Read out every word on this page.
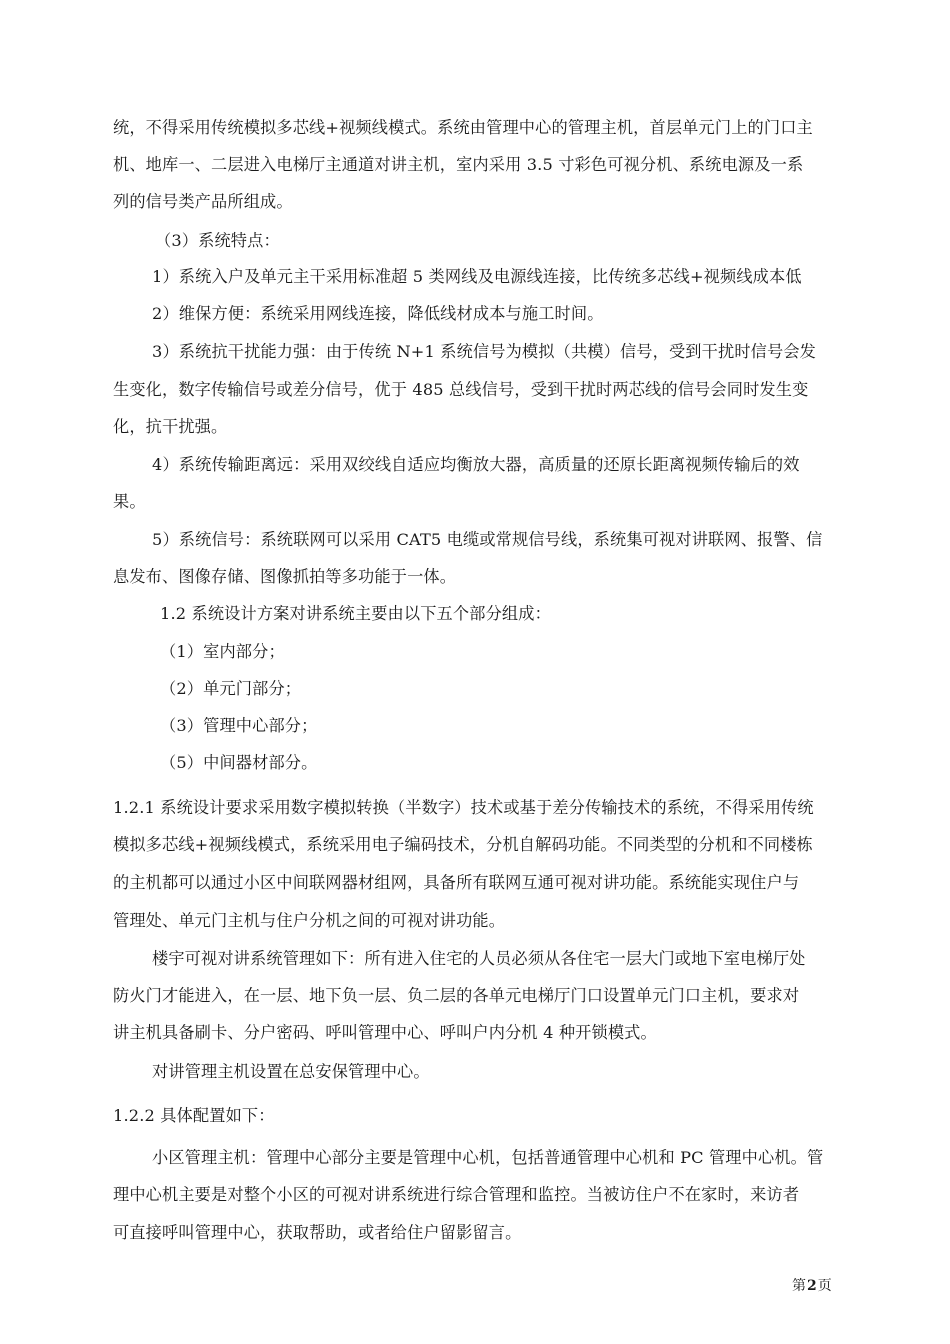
统，不得采用传统模拟多芯线+视频线模式。系统由管理中心的管理主机，首层单元门上的门口主
机、地库一、二层进入电梯厅主通道对讲主机，室内采用 3.5 寸彩色可视分机、系统电源及一系
列的信号类产品所组成。
（3）系统特点：
1）系统入户及单元主干采用标准超 5 类网线及电源线连接，比传统多芯线+视频线成本低
2）维保方便：系统采用网线连接，降低线材成本与施工时间。
3）系统抗干扰能力强：由于传统 N+1 系统信号为模拟（共模）信号，受到干扰时信号会发
生变化，数字传输信号或差分信号，优于 485 总线信号，受到干扰时两芯线的信号会同时发生变
化，抗干扰强。
4）系统传输距离远：采用双绞线自适应均衡放大器，高质量的还原长距离视频传输后的效
果。
5）系统信号：系统联网可以采用 CAT5 电缆或常规信号线，系统集可视对讲联网、报警、信
息发布、图像存储、图像抓拍等多功能于一体。
1.2 系统设计方案对讲系统主要由以下五个部分组成：
（1）室内部分；
（2）单元门部分；
（3）管理中心部分；
（5）中间器材部分。
1.2.1 系统设计要求采用数字模拟转换（半数字）技术或基于差分传输技术的系统，不得采用传统
模拟多芯线+视频线模式，系统采用电子编码技术，分机自解码功能。不同类型的分机和不同楼栋
的主机都可以通过小区中间联网器材组网，具备所有联网互通可视对讲功能。系统能实现住户与
管理处、单元门主机与住户分机之间的可视对讲功能。
楼宇可视对讲系统管理如下：所有进入住宅的人员必须从各住宅一层大门或地下室电梯厅处
防火门才能进入，在一层、地下负一层、负二层的各单元电梯厅门口设置单元门口主机，要求对
讲主机具备刷卡、分户密码、呼叫管理中心、呼叫户内分机 4 种开锁模式。
对讲管理主机设置在总安保管理中心。
1.2.2 具体配置如下：
小区管理主机：管理中心部分主要是管理中心机，包括普通管理中心机和 PC 管理中心机。管
理中心机主要是对整个小区的可视对讲系统进行综合管理和监控。当被访住户不在家时，来访者
可直接呼叫管理中心，获取帮助，或者给住户留影留言。
第2页
